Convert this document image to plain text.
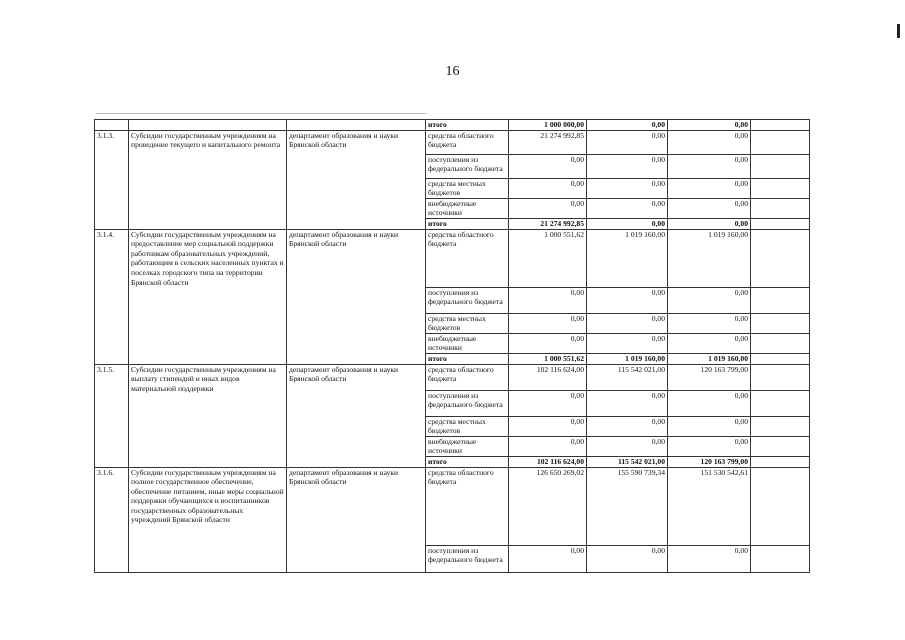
16
			итого	1 000 000,00	0,00	0,00	
3.1.3.	Субсидии государственным учреждениям на проведение текущего и капитального ремонта	департамент образования и науки Брянской области	средства областного бюджета	21 274 992,85	0,00	0,00	
			поступления из федерального бюджета	0,00	0,00	0,00	
			средства местных бюджетов	0,00	0,00	0,00	
			внебюджетные источники	0,00	0,00	0,00	
			итого	21 274 992,85	0,00	0,00	
3.1.4.	Субсидии государственным учреждениям на предоставление мер социальной поддержки работникам образовательных учреждений, работающим в сельских населенных пунктах и поселках городского типа на территории Брянской области	департамент образования и науки Брянской области	средства областного бюджета	1 000 551,62	1 019 160,00	1 019 160,00	
			поступления из федерального бюджета	0,00	0,00	0,00	
			средства местных бюджетов	0,00	0,00	0,00	
			внебюджетные источники	0,00	0,00	0,00	
			итого	1 000 551,62	1 019 160,00	1 019 160,00	
3.1.5.	Субсидии государственным учреждениям на выплату стипендий и иных видов материальной поддержки	департамент образования и науки Брянской области	средства областного бюджета	102 116 624,00	115 542 021,00	120 163 799,00	
			поступления из федерального бюджета	0,00	0,00	0,00	
			средства местных бюджетов	0,00	0,00	0,00	
			внебюджетные источники	0,00	0,00	0,00	
			итого	102 116 624,00	115 542 021,00	120 163 799,00	
3.1.6.	Субсидии государственным учреждениям на полное государственное обеспечение, обеспечение питанием, иные меры социальной поддержки обучающихся и воспитанников государственных образовательных учреждений Брянской области	департамент образования и науки Брянской области	средства областного бюджета	126 650 269,02	155 590 739,34	151 530 542,61	
			поступления из федерального бюджета	0,00	0,00	0,00	
